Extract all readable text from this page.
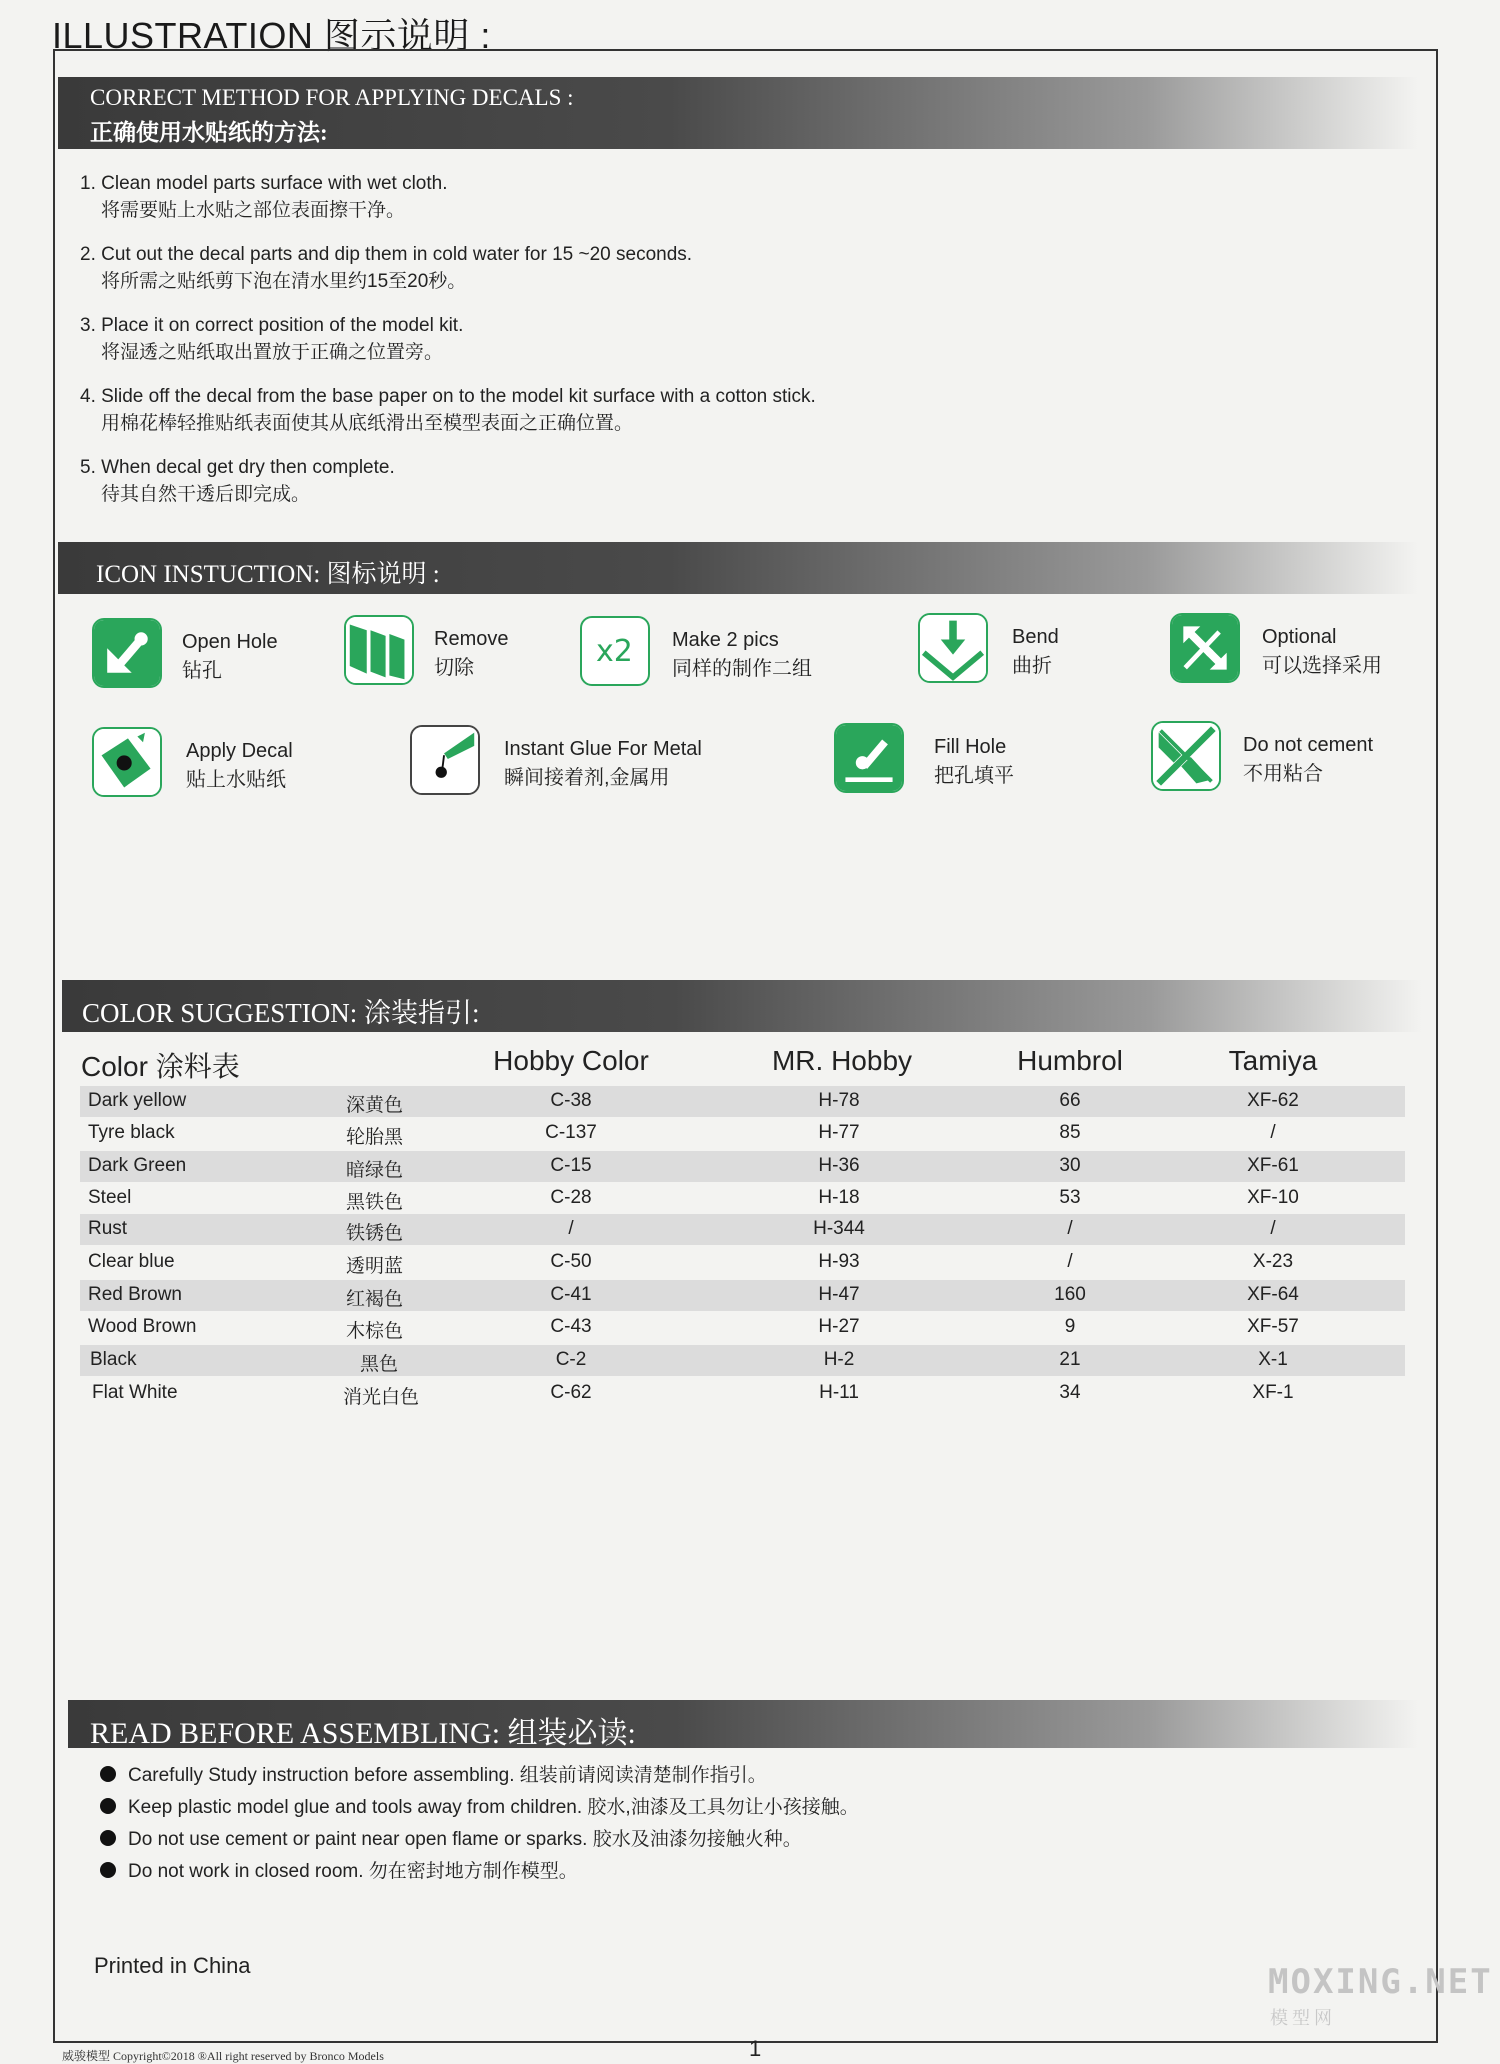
ILLUSTRATION 图示说明 :
CORRECT METHOD FOR APPLYING DECALS :
正确使用水贴纸的方法:
1. Clean model parts surface with wet cloth.
将需要贴上水贴之部位表面擦干净。
2. Cut out the decal parts and dip them in cold water for 15 ~20 seconds.
将所需之贴纸剪下泡在清水里约15至20秒。
3. Place it on correct position of the model kit.
将湿透之贴纸取出置放于正确之位置旁。
4. Slide off the decal from the base paper on to the model kit surface with a cotton stick.
用棉花棒轻推贴纸表面使其从底纸滑出至模型表面之正确位置。
5. When decal get dry then complete.
待其自然干透后即完成。
ICON INSTUCTION: 图标说明 :
Open Hole
钻孔
Remove
切除	x2 Make 2 pics
同样的制作二组
Bend
曲折
Optional
可以选择采用
Apply Decal
贴上水贴纸
Instant Glue For Metal
瞬间接着剂,金属用
Fill Hole
把孔填平
Do not cement
不用粘合
COLOR SUGGESTION: 涂装指引:
Color 涂料表	Hobby Color	MR. Hobby	Humbrol	Tamiya
Dark yellow	深黄色	C-38	H-78	66	XF-62
Tyre black	轮胎黑	C-137	H-77	85	/
Dark Green	暗绿色	C-15	H-36	30	XF-61
Steel	黑铁色	C-28	H-18	53	XF-10
Rust	铁锈色	/	H-344	/	/
Clear blue	透明蓝	C-50	H-93	/	X-23
Red Brown	红褐色	C-41	H-47	160	XF-64
Wood Brown	木棕色	C-43	H-27	9	XF-57
Black	黑色	C-2	H-2	21	X-1
Flat White	消光白色	C-62	H-11	34	XF-1
READ BEFORE ASSEMBLING: 组装必读:
Carefully Study instruction before assembling. 组装前请阅读清楚制作指引。
Keep plastic model glue and tools away from children. 胶水,油漆及工具勿让小孩接触。
Do not use cement or paint near open flame or sparks. 胶水及油漆勿接触火种。
Do not work in closed room. 勿在密封地方制作模型。
Printed in China	MOXING.NET
模型网
威骏模型 Copyright©2018 ®All right reserved by Bronco Models	1
